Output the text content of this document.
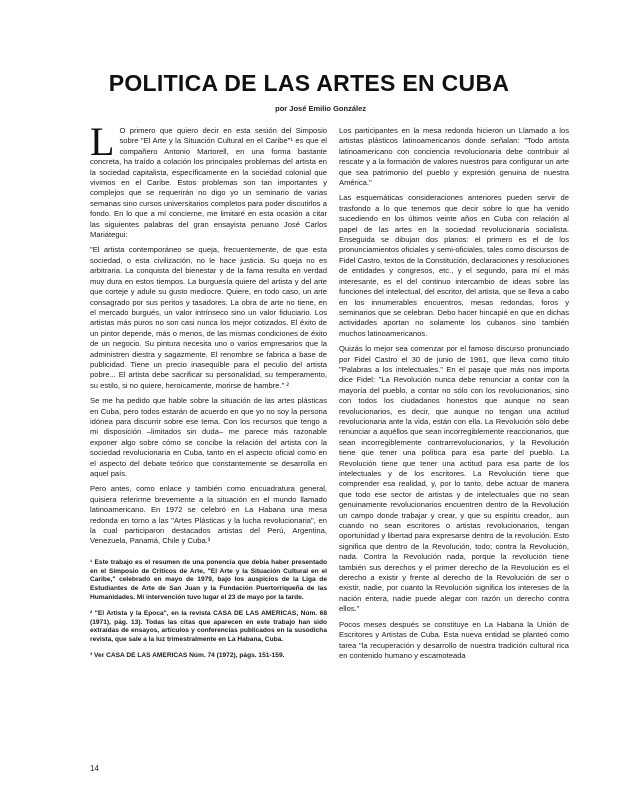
POLITICA DE LAS ARTES EN CUBA
por José Emilio González

L O primero que quiero decir en esta sesión del Simposio sobre "El Arte y la Situación Cultural en el Caribe"¹ es que el compañero Antonio Martorell, en una forma bastante concreta, ha traído a colación los principales problemas del artista en la sociedad capitalista, específicamente en la sociedad colonial que vivimos en el Caribe. Estos problemas son tan importantes y complejos que se requerirán no digo yo un seminario de varias semanas sino cursos universitarios completos para poder discutirlos a fondo. En lo que a mí concierne, me limitaré en esta ocasión a citar las siguientes palabras del gran ensayista peruano José Carlos Mariátegui:

"El artista contemporáneo se queja, frecuentemente, de que esta sociedad, o esta civilización, no le hace justicia. Su queja no es arbitraria. La conquista del bienestar y de la fama resulta en verdad muy dura en estos tiempos. La burguesía quiere del artista y del arte que corteje y adule su gusto mediocre. Quiere, en todo caso, un arte consagrado por sus peritos y tasadores. La obra de arte no tiene, en el mercado burgués, un valor intrínseco sino un valor fiduciario. Los artistas más puros no son casi nunca los mejor cotizados. El éxito de un pintor depende, más o menos, de las mismas condiciones de éxito de un negocio. Su pintura necesita uno o varios empresarios que la administren diestra y sagazmente. El renombre se fabrica a base de publicidad. Tiene un precio inasequible para el peculio del artista pobre... El artista debe sacrificar su personalidad, su temperamento, su estilo, si no quiere, heroicamente, morirse de hambre." ²

Se me ha pedido que hable sobre la situación de las artes plásticas en Cuba, pero todos estarán de acuerdo en que yo no soy la persona idónea para discurrir sobre ese tema. Con los recursos que tengo a mi disposición –limitados sin duda– me parece más razonable exponer algo sobre cómo se concibe la relación del artista con la sociedad revolucionaria en Cuba, tanto en el aspecto oficial como en el aspecto del debate teórico que constantemente se desarrolla en aquel país.

Pero antes, como enlace y también como encuadratura general, quisiera referirme brevemente a la situación en el mundo llamado latinoamericano. En 1972 se celebró en La Habana una mesa redonda en torno a las "Artes Plásticas y la lucha revolucionaria", en la cual participaron destacados artistas del Perú, Argentina, Venezuela, Panamá, Chile y Cuba.³

¹ Este trabajo es el resumen de una ponencia que debía haber presentado en el Simposio de Críticos de Arte, "El Arte y la Situación Cultural en el Caribe," celebrado en mayo de 1979, bajo los auspicios de la Liga de Estudiantes de Arte de San Juan y la Fundación Puertorriqueña de las Humanidades. Mi intervención tuvo lugar el 23 de mayo por la tarde.

² "El Artista y la Epoca", en la revista CASA DE LAS AMERICAS, Núm. 68 (1971), pág. 13). Todas las citas que aparecen en este trabajo han sido extraídas de ensayos, artículos y conferencias publicados en la susodicha revista, que sale a la luz trimestralmente en La Habana, Cuba.

³ Ver CASA DE LAS AMERICAS Núm. 74 (1972), págs. 151-159.

Los participantes en la mesa redonda hicieron un Llamado a los artistas plásticos latinoamericanos donde señalan: "Todo artista latinoamericano con conciencia revolucionaria debe contribuir al rescate y a la formación de valores nuestros para configurar un arte que sea patrimonio del pueblo y expresión genuina de nuestra América."

Las esquemáticas consideraciones anteriores pueden servir de trasfondo a lo que tenemos que decir sobre lo que ha venido sucediendo en los últimos veinte años en Cuba con relación al papel de las artes en la sociedad revolucionaria socialista. Enseguida se dibujan dos planos: el primero es el de los pronunciamientos oficiales y semi-oficiales, tales como discursos de Fidel Castro, textos de la Constitución, declaraciones y resoluciones de entidades y congresos, etc., y el segundo, para mí el más interesante, es el del continuo intercambio de ideas sobre las funciones del intelectual, del escritor, del artista, que se lleva a cabo en los innumerables encuentros, mesas redondas, foros y seminarios que se celebran. Debo hacer hincapié en que en dichas actividades aportan no solamente los cubanos sino también muchos latinoamericanos.

Quizás lo mejor sea comenzar por el famoso discurso pronunciado por Fidel Castro el 30 de junio de 1961, que lleva como título "Palabras a los intelectuales." En el pasaje que más nos importa dice Fidel: "La Revolución nunca debe renunciar a contar con la mayoría del pueblo, a contar no sólo con los revolucionarios, sino con todos los ciudadanos honestos que aunque no sean revolucionarios, es decir, que aunque no tengan una actitud revolucionaria ante la vida, están con ella. La Revolución sólo debe renunciar a aquéllos que sean incorregiblemente reaccionarios, que sean incorregiblemente contrarrevolucionarios, y la Revolución tiene que tener una política para esa parte del pueblo. La Revolución tiene que tener una actitud para esa parte de los intelectuales y de los escritores. La Revolución tiene que comprender esa realidad, y, por lo tanto, debe actuar de manera que todo ese sector de artistas y de intelectuales que no sean genuinamente revolucionarios encuentren dentro de la Revolución un campo donde trabajar y crear, y que su espíritu creador,. aun cuando no sean escritores o artistas revolucionarios, tengan oportunidad y libertad para expresarse dentro de la revolución. Esto significa que dentro de la Revolución, todo; contra la Revolución, nada. Contra la Revolución nada, porque la revolución tiene también sus derechos y el primer derecho de la Revolución es el derecho a existir y frente al derecho de la Revolución de ser o existir, nadie, por cuanto la Revolución significa los intereses de la nación entera, nadie puede alegar con razón un derecho contra ellos."

Pocos meses después se constituye en La Habana la Unión de Escritores y Artistas de Cuba. Esta nueva entidad se planteó como tarea "la recuperación y desarrollo de nuestra tradición cultural rica en contenido humano y escamoteada

14
